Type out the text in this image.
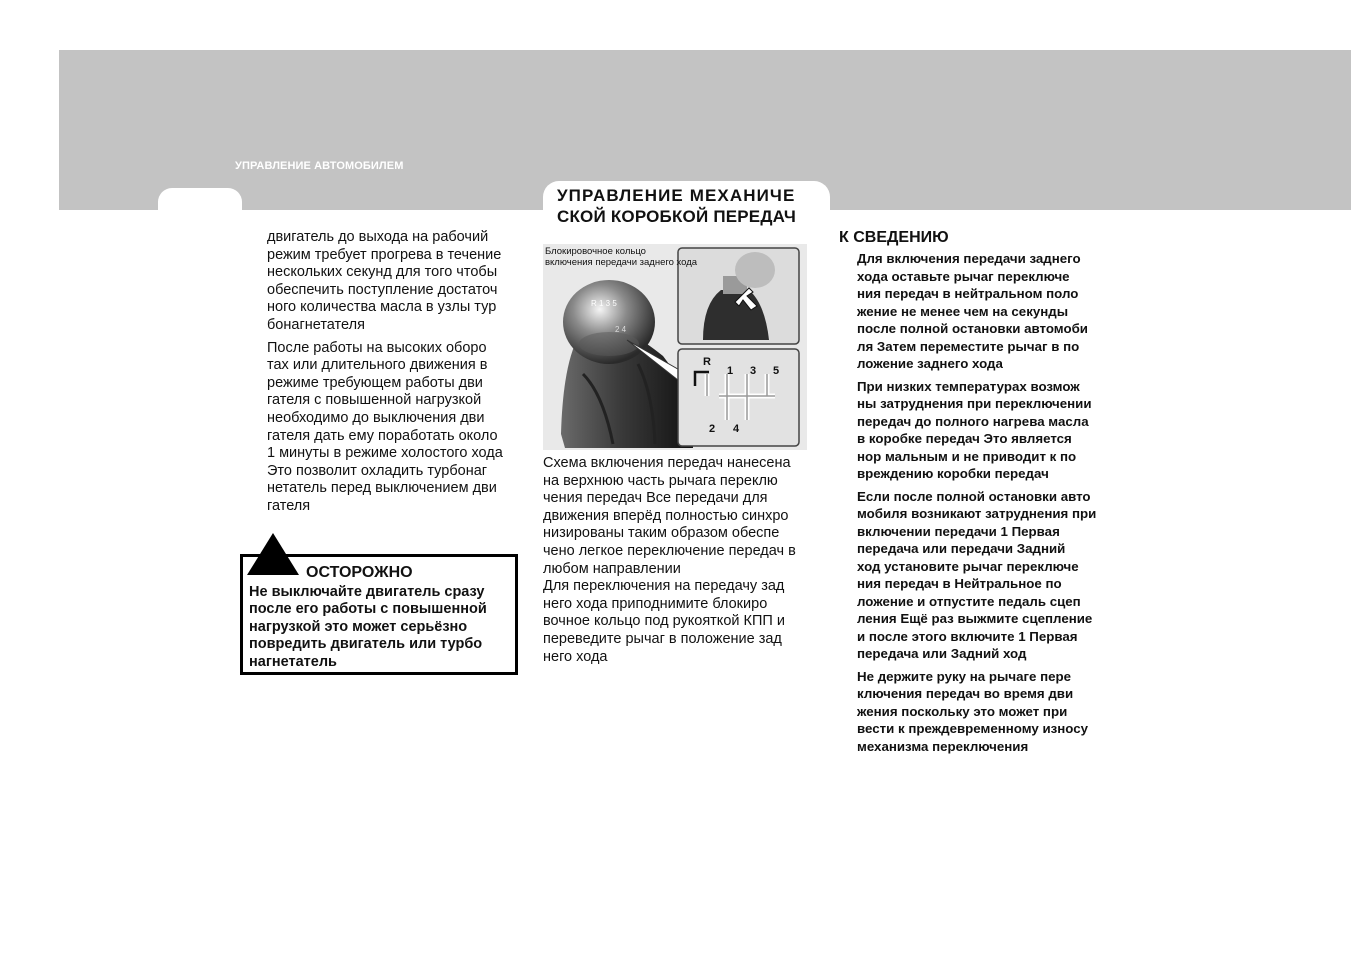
УПРАВЛЕНИЕ АВТОМОБИЛЕМ
УПРАВЛЕНИЕ МЕХАНИЧЕ
СКОЙ КОРОБКОЙ ПЕРЕДАЧ
двигатель до выхода на рабочий
режим требует прогрева в течение
нескольких секунд для того чтобы
обеспечить поступление достаточ
ного количества масла в узлы тур
бонагнетателя
После работы на высоких оборо
тах или длительного движения в
режиме требующем работы дви
гателя с повышенной нагрузкой
необходимо до выключения дви
гателя дать ему поработать около
1 минуты в режиме холостого хода
Это позволит охладить турбонаг
нетатель перед выключением дви
гателя
ОСТОРОЖНО
Не выключайте двигатель сразу
после его работы с повышенной
нагрузкой это может серьёзно
повредить двигатель или турбо
нагнетатель
R 1 3 5
2 4
R
1 3 5
2 4
Блокировочное кольцо
включения передачи заднего хода
Схема включения передач нанесена
на верхнюю часть рычага переклю
чения передач Все передачи для
движения вперёд полностью синхро
низированы таким образом обеспе
чено легкое переключение передач в
любом направлении
Для переключения на передачу зад
него хода приподнимите блокиро
вочное кольцо под рукояткой КПП и
переведите рычаг в положение зад
него хода
К СВЕДЕНИЮ
Для включения передачи заднего
хода оставьте рычаг переключе
ния передач в нейтральном поло
жение не менее чем на секунды
после полной остановки автомоби
ля Затем переместите рычаг в по
ложение заднего хода
При низких температурах возмож
ны затруднения при переключении
передач до полного нагрева масла
в коробке передач Это является
нор мальным и не приводит к по
вреждению коробки передач
Если после полной остановки авто
мобиля возникают затруднения при
включении передачи 1 Первая
передача или передачи Задний
ход установите рычаг переключе
ния передач в Нейтральное по
ложение и отпустите педаль сцеп
ления Ещё раз выжмите сцепление
и после этого включите 1 Первая
передача или Задний ход
Не держите руку на рычаге пере
ключения передач во время дви
жения поскольку это может при
вести к преждевременному износу
механизма переключения
